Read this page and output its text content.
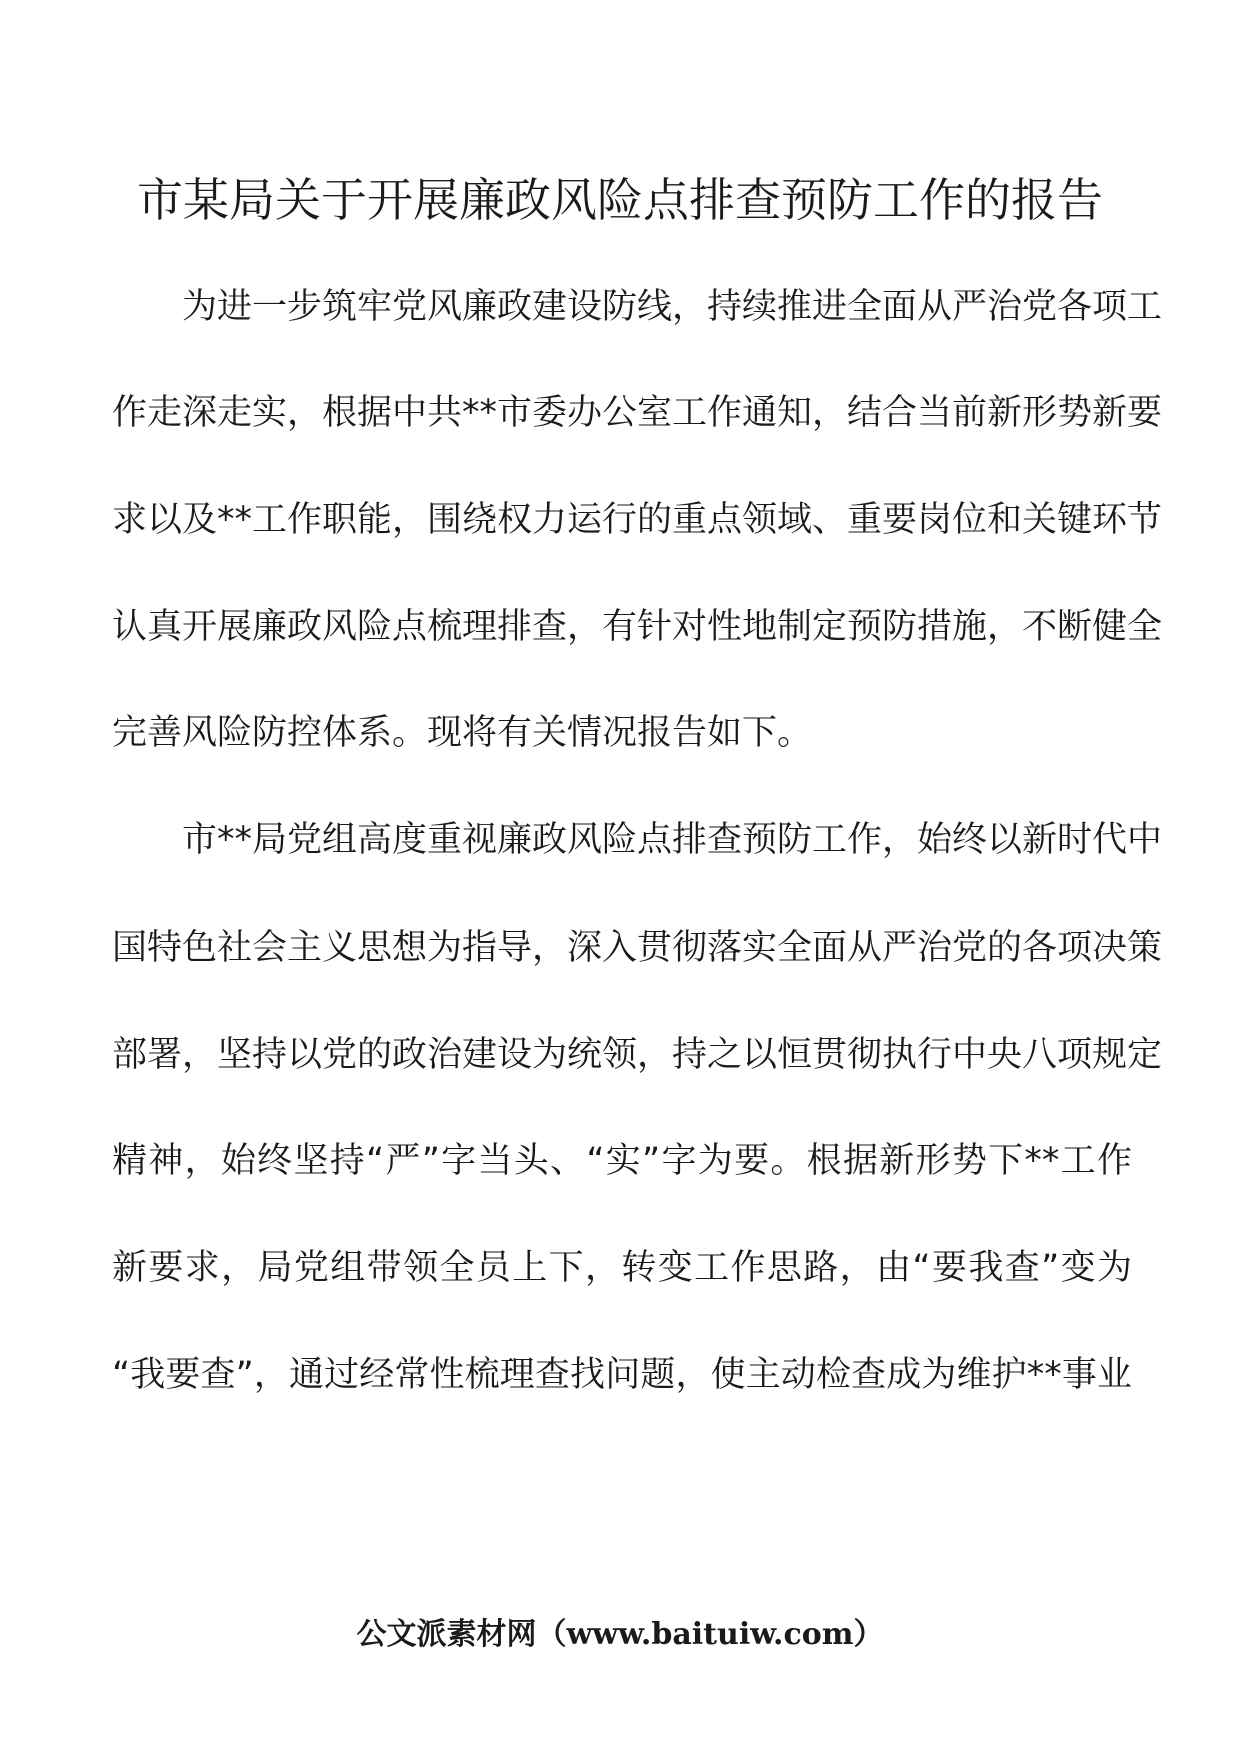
市某局关于开展廉政风险点排查预防工作的报告
为进一步筑牢党风廉政建设防线，持续推进全面从严治党各项工
作走深走实，根据中共**市委办公室工作通知，结合当前新形势新要
求以及**工作职能，围绕权力运行的重点领域、重要岗位和关键环节
认真开展廉政风险点梳理排查，有针对性地制定预防措施，不断健全
完善风险防控体系。现将有关情况报告如下。
市**局党组高度重视廉政风险点排查预防工作，始终以新时代中
国特色社会主义思想为指导，深入贯彻落实全面从严治党的各项决策
部署，坚持以党的政治建设为统领，持之以恒贯彻执行中央八项规定
精神，始终坚持“严”字当头、“实”字为要。根据新形势下**工作
新要求，局党组带领全员上下，转变工作思路，由“要我查”变为
“我要查”，通过经常性梳理查找问题，使主动检查成为维护**事业
公文派素材网（www.baituiw.com）
